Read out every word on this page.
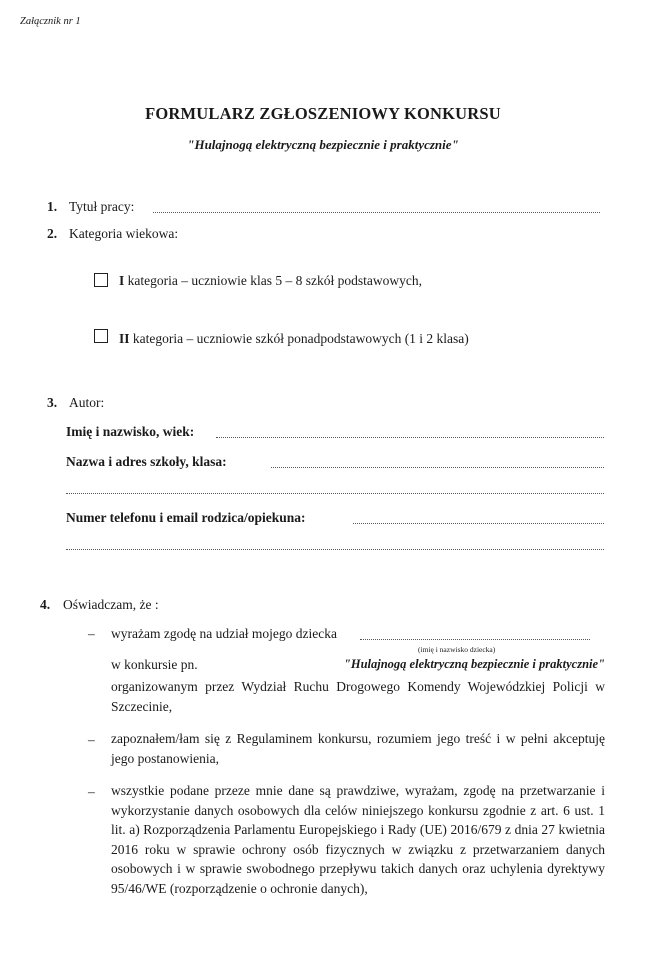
Załącznik nr 1
FORMULARZ ZGŁOSZENIOWY KONKURSU
"Hulajnogą elektryczną bezpiecznie i praktycznie"
1. Tytuł pracy:
2. Kategoria wiekowa:
I kategoria – uczniowie klas 5 – 8 szkół podstawowych,
II kategoria – uczniowie szkół ponadpodstawowych (1 i 2 klasa)
3. Autor:
Imię i nazwisko, wiek:
Nazwa i adres szkoły, klasa:
Numer telefonu i email rodzica/opiekuna:
4. Oświadczam, że :
– wyrażam zgodę na udział mojego dziecka
(imię i nazwisko dziecka)
w konkursie pn.	"Hulajnogą elektryczną bezpiecznie i praktycznie"
organizowanym przez Wydział Ruchu Drogowego Komendy Wojewódzkiej Policji w Szczecinie,
– zapoznałem/łam się z Regulaminem konkursu, rozumiem jego treść i w pełni akceptuję jego postanowienia,
– wszystkie podane przeze mnie dane są prawdziwe, wyrażam, zgodę na przetwarzanie i wykorzystanie danych osobowych dla celów niniejszego konkursu zgodnie z art. 6 ust. 1 lit. a) Rozporządzenia Parlamentu Europejskiego i Rady (UE) 2016/679 z dnia 27 kwietnia 2016 roku w sprawie ochrony osób fizycznych w związku z przetwarzaniem danych osobowych i w sprawie swobodnego przepływu takich danych oraz uchylenia dyrektywy 95/46/WE (rozporządzenie o ochronie danych),
